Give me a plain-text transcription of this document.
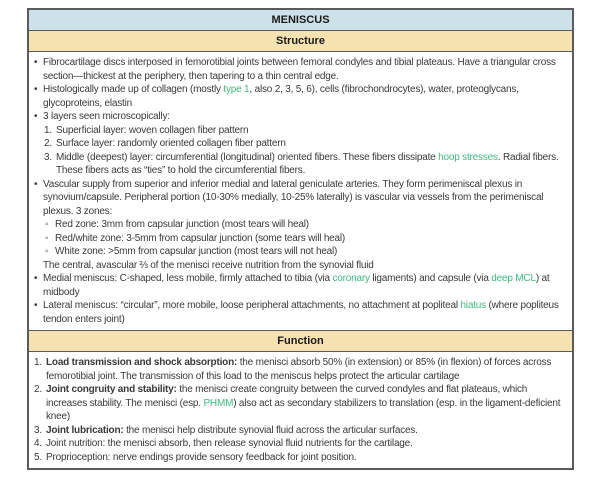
MENISCUS
Structure
• Fibrocartilage discs interposed in femorotibial joints between femoral condyles and tibial plateaus. Have a triangular cross section—thickest at the periphery, then tapering to a thin central edge.
• Histologically made up of collagen (mostly type 1, also 2, 3, 5, 6), cells (fibrochondrocytes), water, proteoglycans, glycoproteins, elastin
• 3 layers seen microscopically:
1. Superficial layer: woven collagen fiber pattern
2. Surface layer: randomly oriented collagen fiber pattern
3. Middle (deepest) layer: circumferential (longitudinal) oriented fibers. These fibers dissipate hoop stresses. Radial fibers. These fibers acts as “ties” to hold the circumferential fibers.
• Vascular supply from superior and inferior medial and lateral geniculate arteries. They form perimeniscal plexus in synovium/capsule. Peripheral portion (10-30% medially, 10-25% laterally) is vascular via vessels from the perimeniscal plexus. 3 zones:
◦ Red zone: 3mm from capsular junction (most tears will heal)
◦ Red/white zone: 3-5mm from capsular junction (some tears will heal)
◦ White zone: >5mm from capsular junction (most tears will not heal)
The central, avascular ⅔ of the menisci receive nutrition from the synovial fluid
• Medial meniscus: C-shaped, less mobile, firmly attached to tibia (via coronary ligaments) and capsule (via deep MCL) at midbody
• Lateral meniscus: “circular”, more mobile, loose peripheral attachments, no attachment at popliteal hiatus (where popliteus tendon enters joint)
Function
1. Load transmission and shock absorption: the menisci absorb 50% (in extension) or 85% (in flexion) of forces across femorotibial joint. The transmission of this load to the meniscus helps protect the articular cartilage
2. Joint congruity and stability: the menisci create congruity between the curved condyles and flat plateaus, which increases stability. The menisci (esp. PHMM) also act as secondary stabilizers to translation (esp. in the ligament-deficient knee)
3. Joint lubrication: the menisci help distribute synovial fluid across the articular surfaces.
4. Joint nutrition: the menisci absorb, then release synovial fluid nutrients for the cartilage.
5. Proprioception: nerve endings provide sensory feedback for joint position.
